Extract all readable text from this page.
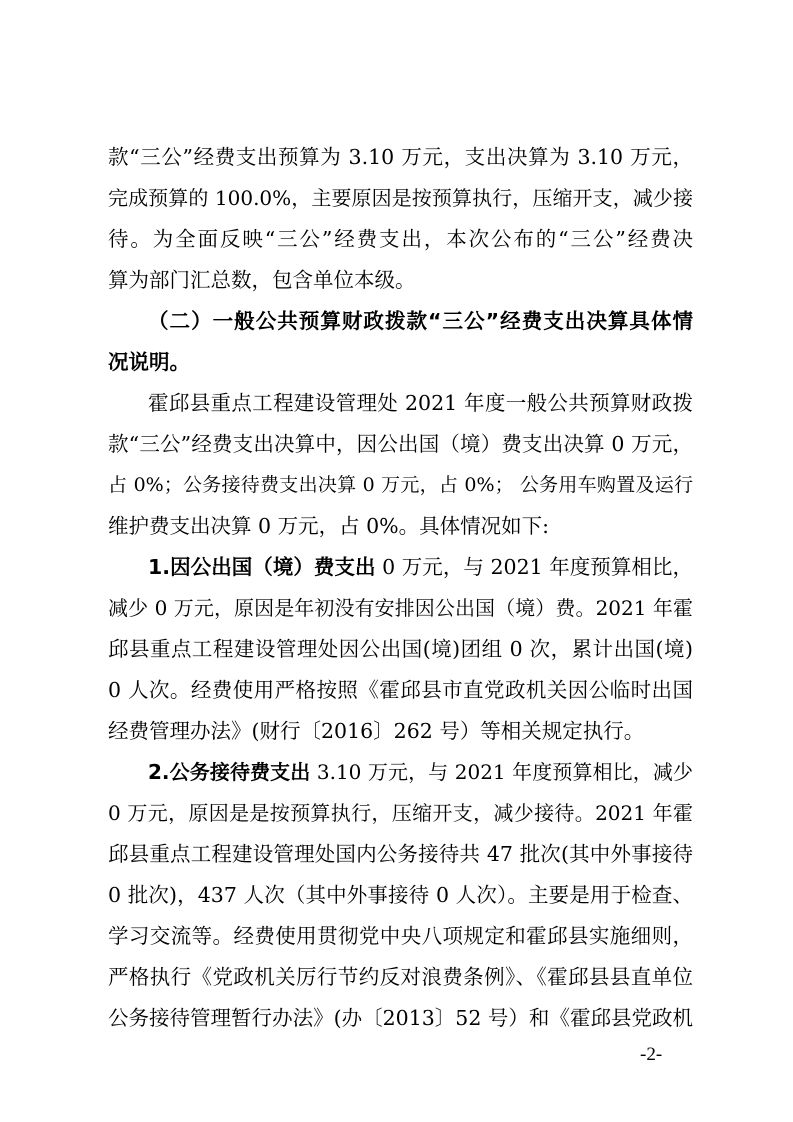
款“三公”经费支出预算为 3.10 万元，支出决算为 3.10 万元，
完成预算的 100.0%，主要原因是按预算执行，压缩开支，减少接
待。为全面反映“三公”经费支出，本次公布的“三公”经费决
算为部门汇总数，包含单位本级。
（二）一般公共预算财政拨款“三公”经费支出决算具体情
况说明。
霍邱县重点工程建设管理处 2021 年度一般公共预算财政拨
款“三公”经费支出决算中，因公出国（境）费支出决算 0 万元，
占 0%；公务接待费支出决算 0 万元，占 0%； 公务用车购置及运行
维护费支出决算 0 万元，占 0%。具体情况如下:
1.因公出国（境）费支出 0 万元，与 2021 年度预算相比，
减少 0 万元，原因是年初没有安排因公出国（境）费。2021 年霍
邱县重点工程建设管理处因公出国(境)团组 0 次，累计出国(境)
0 人次。经费使用严格按照《霍邱县市直党政机关因公临时出国
经费管理办法》(财行〔2016〕262 号）等相关规定执行。
2.公务接待费支出 3.10 万元，与 2021 年度预算相比，减少
0 万元，原因是是按预算执行，压缩开支，减少接待。2021 年霍
邱县重点工程建设管理处国内公务接待共 47 批次(其中外事接待
0 批次)，437 人次（其中外事接待 0 人次）。主要是用于检查、
学习交流等。经费使用贯彻党中央八项规定和霍邱县实施细则，
严格执行《党政机关厉行节约反对浪费条例》、《霍邱县县直单位
公务接待管理暂行办法》(办〔2013〕52 号）和《霍邱县党政机
-2-
